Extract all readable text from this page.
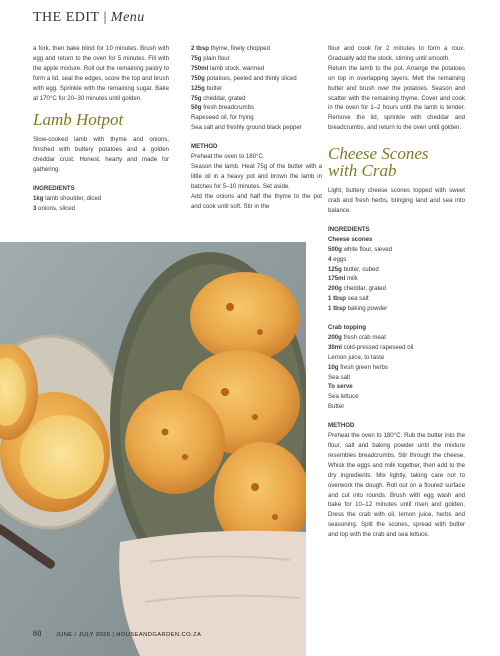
THE EDIT | Menu

a fork, then bake blind for 10 minutes. Brush with egg and return to the oven for 5 minutes. Fill with the apple mixture. Roll out the remaining pastry to form a lid, seal the edges, score the top and brush with egg. Sprinkle with the remaining sugar. Bake at 170°C for 20–30 minutes until golden.

Lamb Hotpot

Slow-cooked lamb with thyme and onions, finished with buttery potatoes and a golden cheddar crust. Honest, hearty and made for gathering.

INGREDIENTS
1kg lamb shoulder, diced
3 onions, sliced
2 tbsp thyme, finely chopped
75g plain flour
750ml lamb stock, warmed
750g potatoes, peeled and thinly sliced
125g butter
75g cheddar, grated
50g fresh breadcrumbs
Rapeseed oil, for frying
Sea salt and freshly ground black pepper
METHOD

Preheat the oven to 180°C.

Season the lamb. Heat 75g of the butter with a little oil in a heavy pot and brown the lamb in batches for 5–10 minutes. Set aside.

Add the onions and half the thyme to the pot and cook until soft. Stir in the

flour and cook for 2 minutes to form a roux. Gradually add the stock, stirring until smooth.

Return the lamb to the pot. Arrange the potatoes on top in overlapping layers. Melt the remaining butter and brush over the potatoes. Season and scatter with the remaining thyme. Cover and cook in the oven for 1–2 hours until the lamb is tender. Remove the lid, sprinkle with cheddar and breadcrumbs, and return to the oven until golden.

Cheese Scones
with Crab

Light, buttery cheese scones topped with sweet crab and fresh herbs, bringing land and sea into balance.

INGREDIENTS
Cheese scones
500g white flour, sieved
4 eggs
125g butter, cubed
175ml milk
200g cheddar, grated
1 tbsp sea salt
1 tbsp baking powder
Crab topping
200g fresh crab meat
30ml cold-pressed rapeseed oil
Lemon juice, to taste
10g fresh green herbs
Sea salt
To serve
Sea lettuce
Butter
METHOD

Preheat the oven to 180°C. Rub the butter into the flour, salt and baking powder until the mixture resembles breadcrumbs. Stir through the cheese. Whisk the eggs and milk together, then add to the dry ingredients. Mix lightly, taking care not to overwork the dough. Roll out on a floured surface and cut into rounds. Brush with egg wash and bake for 10–12 minutes until risen and golden. Dress the crab with oil, lemon juice, herbs and seasoning. Split the scones, spread with butter and top with the crab and sea lettuce.

80 JUNE / JULY 2026 | HOUSEANDGARDEN.CO.ZA
